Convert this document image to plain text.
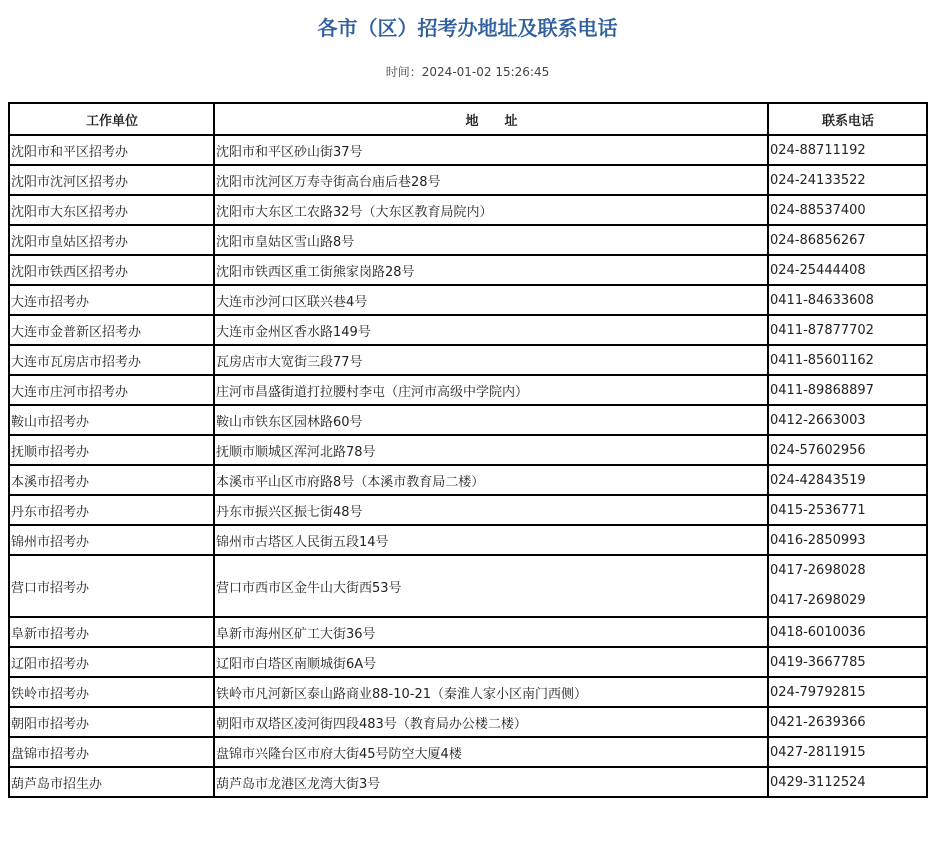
各市（区）招考办地址及联系电话
时间：2024-01-02 15:26:45
工作单位	地　　址	联系电话
沈阳市和平区招考办	沈阳市和平区砂山街37号	024-88711192
沈阳市沈河区招考办	沈阳市沈河区万寿寺街高台庙后巷28号	024-24133522
沈阳市大东区招考办	沈阳市大东区工农路32号（大东区教育局院内）	024-88537400
沈阳市皇姑区招考办	沈阳市皇姑区雪山路8号	024-86856267
沈阳市铁西区招考办	沈阳市铁西区重工街熊家岗路28号	024-25444408
大连市招考办	大连市沙河口区联兴巷4号	0411-84633608
大连市金普新区招考办	大连市金州区香水路149号	0411-87877702
大连市瓦房店市招考办	瓦房店市大宽街三段77号	0411-85601162
大连市庄河市招考办	庄河市昌盛街道打拉腰村李屯（庄河市高级中学院内）	0411-89868897
鞍山市招考办	鞍山市铁东区园林路60号	0412-2663003
抚顺市招考办	抚顺市顺城区浑河北路78号	024-57602956
本溪市招考办	本溪市平山区市府路8号（本溪市教育局二楼）	024-42843519
丹东市招考办	丹东市振兴区振七街48号	0415-2536771
锦州市招考办	锦州市古塔区人民街五段14号	0416-2850993
营口市招考办	营口市西市区金牛山大街西53号	0417-2698028
0417-2698029

阜新市招考办	阜新市海州区矿工大街36号	0418-6010036
辽阳市招考办	辽阳市白塔区南顺城街6A号	0419-3667785
铁岭市招考办	铁岭市凡河新区泰山路商业88-10-21（秦淮人家小区南门西侧）	024-79792815
朝阳市招考办	朝阳市双塔区凌河街四段483号（教育局办公楼二楼）	0421-2639366
盘锦市招考办	盘锦市兴隆台区市府大街45号防空大厦4楼	0427-2811915
葫芦岛市招生办	葫芦岛市龙港区龙湾大街3号	0429-3112524
